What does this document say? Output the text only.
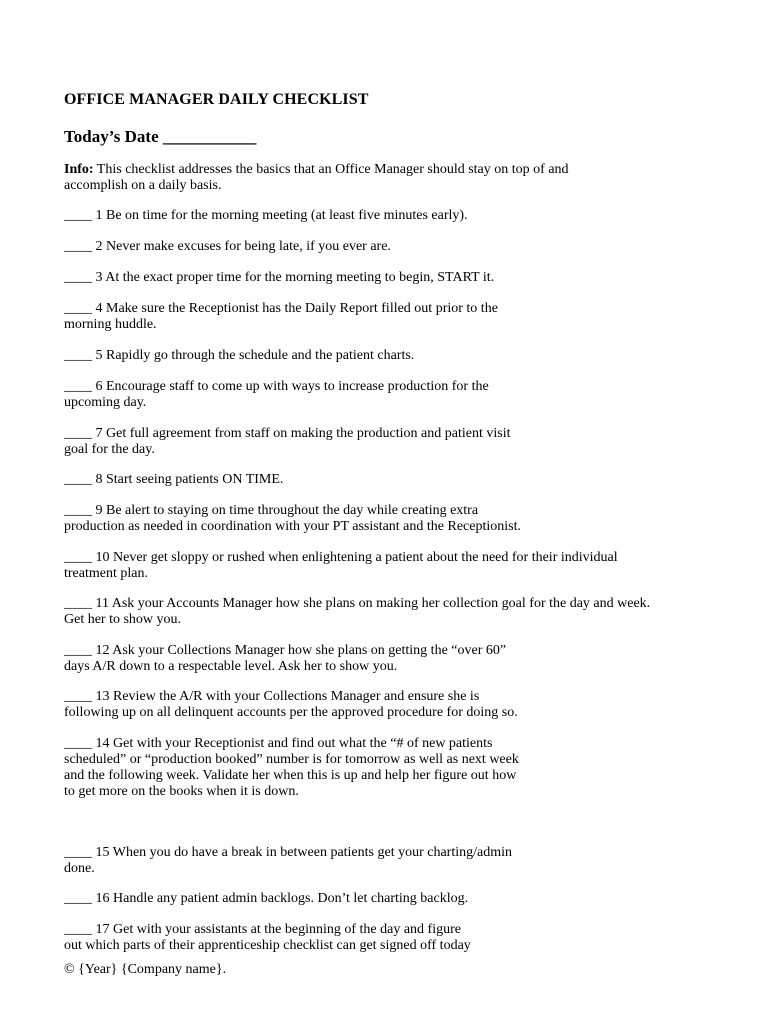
OFFICE MANAGER DAILY CHECKLIST
Today’s Date ___________
Info: This checklist addresses the basics that an Office Manager should stay on top of and
accomplish on a daily basis.
____ 1 Be on time for the morning meeting (at least five minutes early).
____ 2 Never make excuses for being late, if you ever are.
____ 3 At the exact proper time for the morning meeting to begin, START it.
____ 4 Make sure the Receptionist has the Daily Report filled out prior to the
morning huddle.
____ 5 Rapidly go through the schedule and the patient charts.
____ 6 Encourage staff to come up with ways to increase production for the
upcoming day.
____ 7 Get full agreement from staff on making the production and patient visit
goal for the day.
____ 8 Start seeing patients ON TIME.
____ 9 Be alert to staying on time throughout the day while creating extra
production as needed in coordination with your PT assistant and the Receptionist.
____ 10 Never get sloppy or rushed when enlightening a patient about the need for their individual
treatment plan.
____ 11 Ask your Accounts Manager how she plans on making her collection goal for the day and week.
Get her to show you.
____ 12 Ask your Collections Manager how she plans on getting the “over 60”
days A/R down to a respectable level. Ask her to show you.
____ 13 Review the A/R with your Collections Manager and ensure she is
following up on all delinquent accounts per the approved procedure for doing so.
____ 14 Get with your Receptionist and find out what the “# of new patients
scheduled” or “production booked” number is for tomorrow as well as next week
and the following week. Validate her when this is up and help her figure out how
to get more on the books when it is down.
____ 15 When you do have a break in between patients get your charting/admin
done.
____ 16 Handle any patient admin backlogs. Don’t let charting backlog.
____ 17 Get with your assistants at the beginning of the day and figure
out which parts of their apprenticeship checklist can get signed off today
© {Year} {Company name}.
